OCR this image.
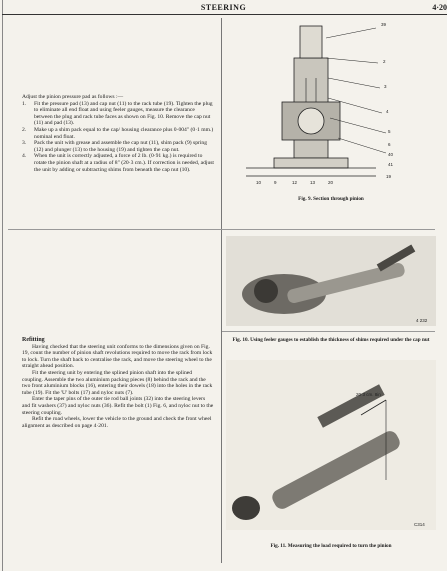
STEERING	4·20

Adjust the pinion pressure pad as follows :—

1. Fit the pressure pad (13) and cap nut (11) to the rack tube (19). Tighten the plug to eliminate all end float and using feeler gauges, measure the clearance between the plug and rack tube faces as shown on Fig. 10. Remove the cap nut (11) and pad (13).
2. Make up a shim pack equal to the cap/ housing clearance plus 0·004" (0·1 mm.) nominal end float.
3. Pack the unit with grease and assemble the cap nut (11), shim pack (9) spring (12) and plunger (13) to the housing (19) and tighten the cap nut.
4. When the unit is correctly adjusted, a force of 2 lb. (0·91 kg.) is required to rotate the pinion shaft at a radius of 8" (20·3 cm.). If correction is needed, adjust the unit by adding or subtracting shims from beneath the cap nut (10).

Refitting

Having checked that the steering unit conforms to the dimensions given on Fig. 19, count the number of pinion shaft revolutions required to move the rack from lock to lock. Turn the shaft back to centralise the rack, and move the steering wheel to the straight ahead position.

Fit the steering unit by entering the splined pinion shaft into the splined coupling. Assemble the two aluminium packing pieces (8) behind the rack and the two front aluminium blocks (16), entering their dowels (18) into the holes in the rack tube (19). Fit the 'U' bolts (17) and nyloc nuts (7).

Enter the taper pins of the outer tie rod ball joints (32) into the steering levers and fit washers (37) and nyloc nuts (36). Refit the bolt (1) Fig. 6, and nyloc nut to the steering coupling.

Refit the road wheels, lower the vehicle to the ground and check the front wheel alignment as described on page 4·201.

39
2
3
4
5
6
40
41
19
10	9	12	13	20
Fig. 9. Section through pinion
4 232
Fig. 10. Using feeler gauges to establish the thickness of shims required under the cap nut
20·3 cm. 8in
C314
Fig. 11. Measuring the load required to turn the pinion
